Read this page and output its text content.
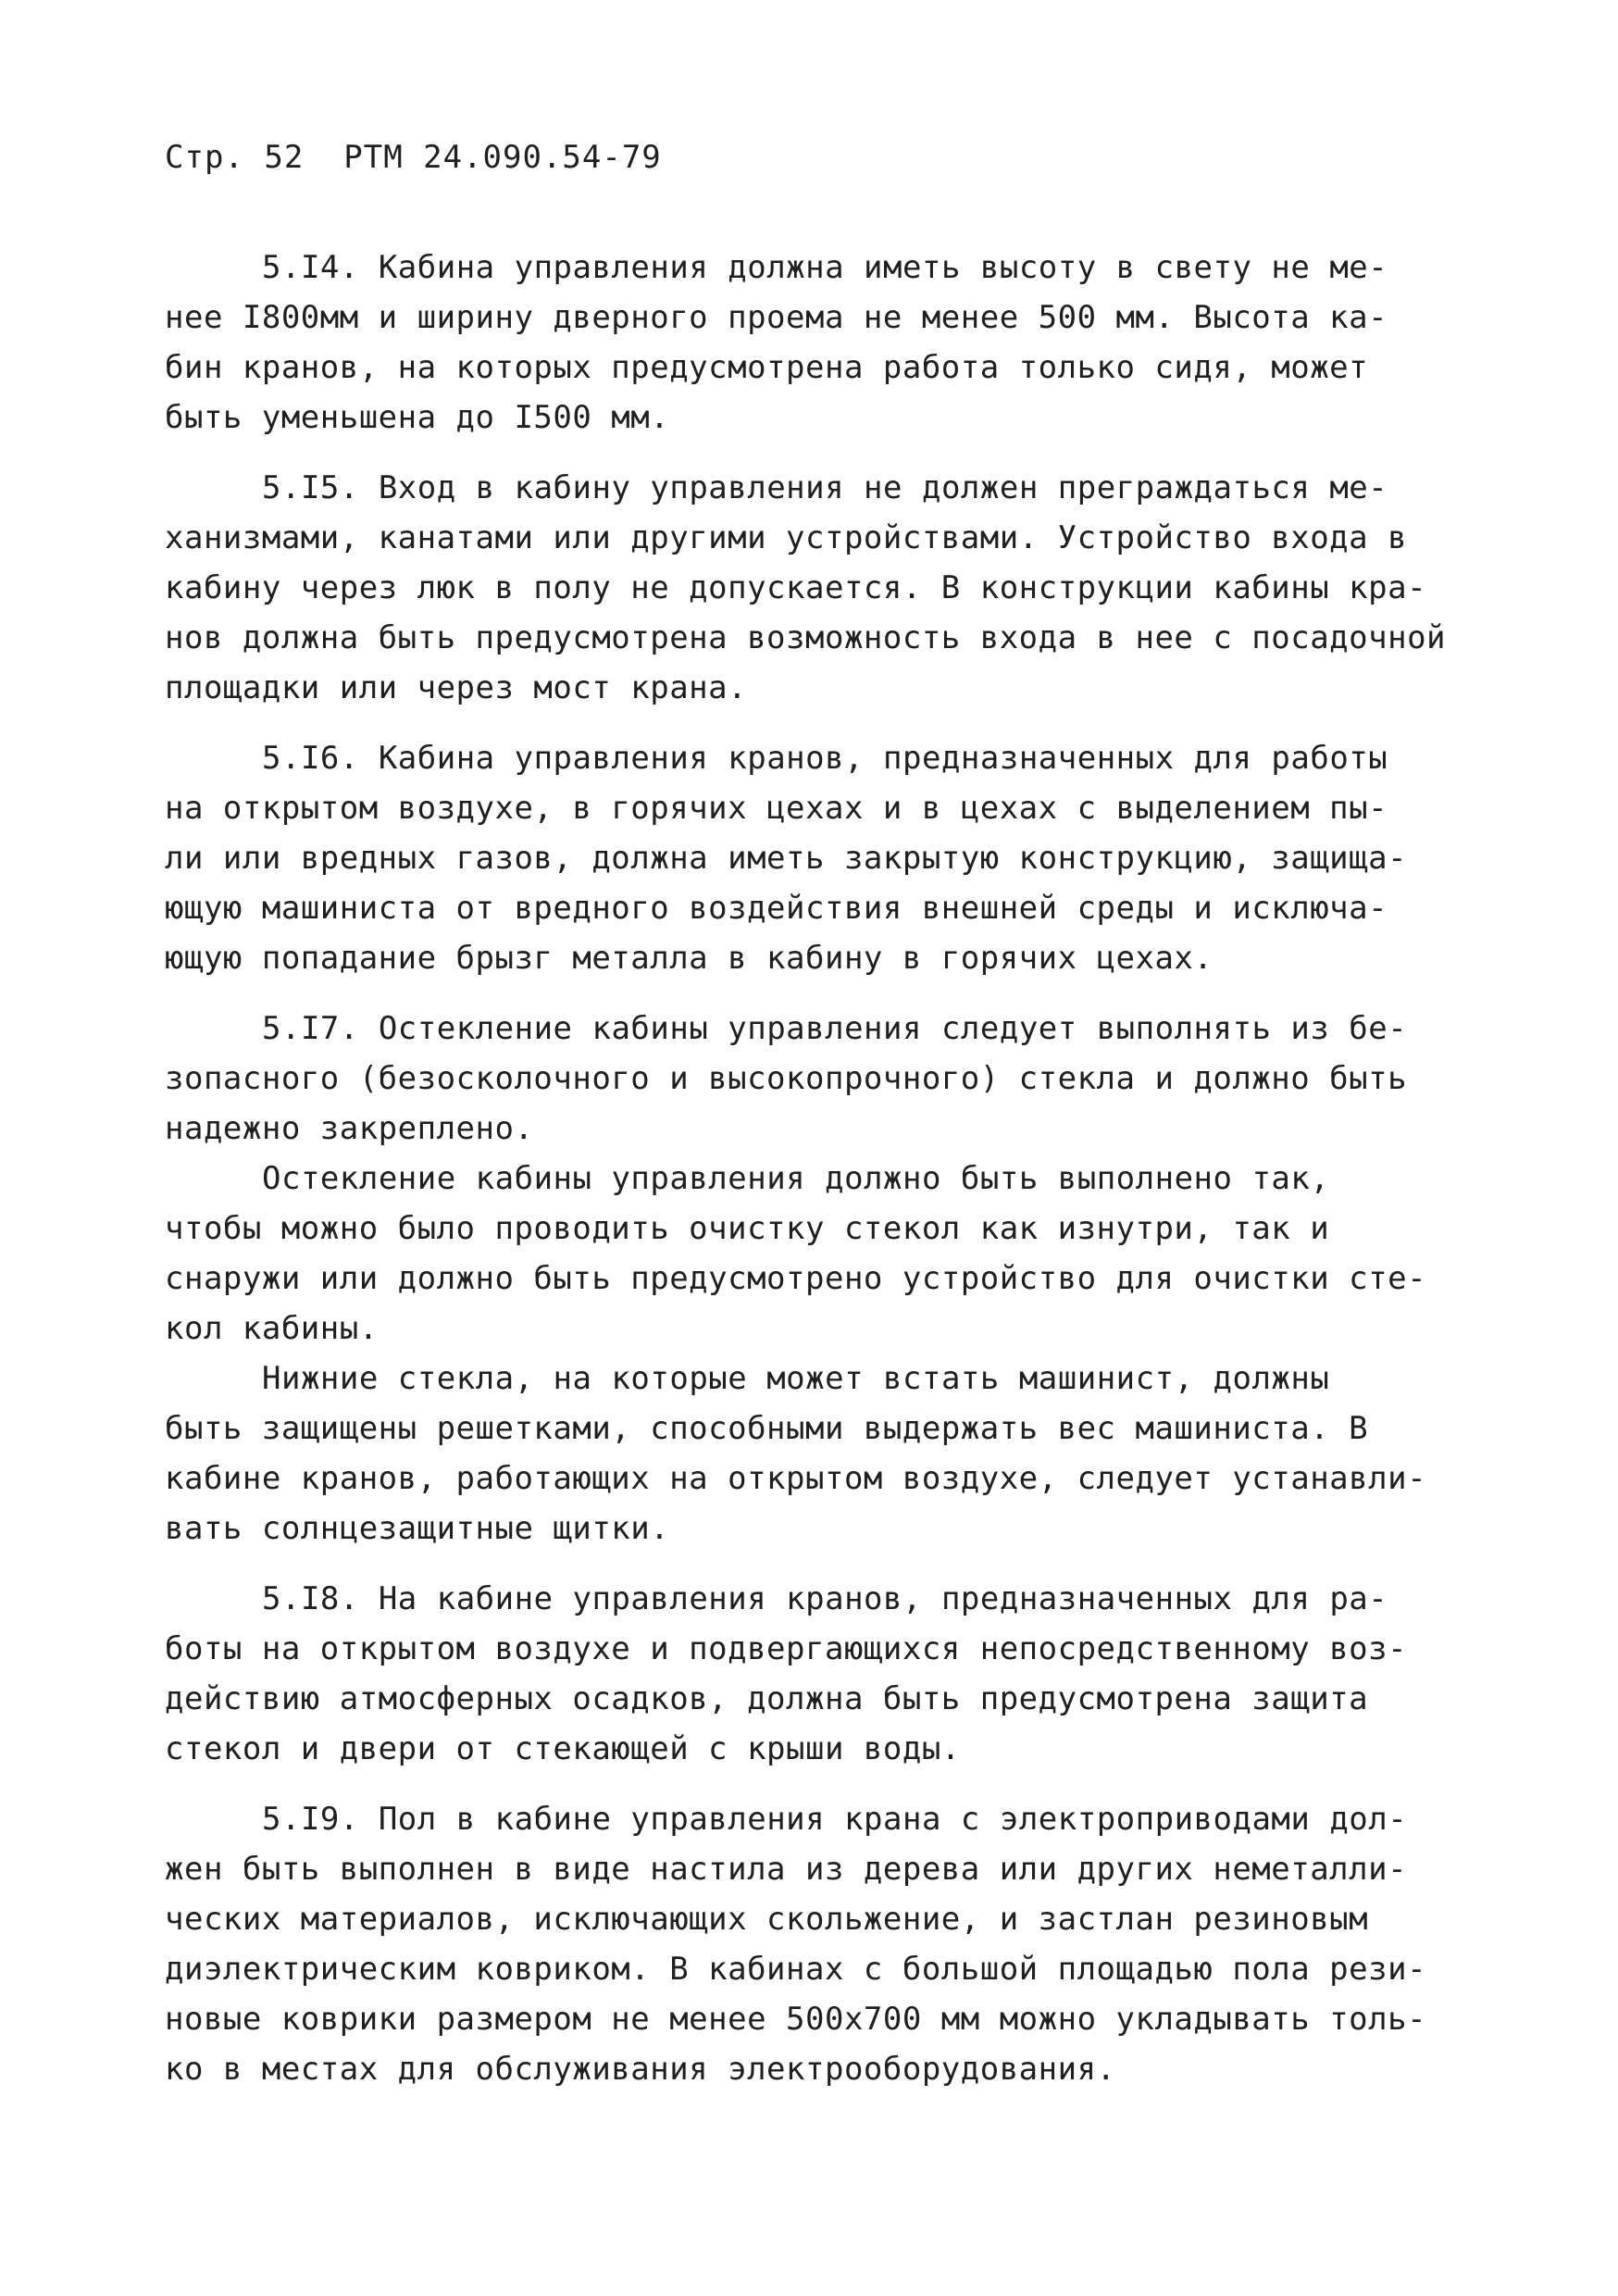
Стр. 52 РТМ 24.090.54-79
5.I4. Кабина управления должна иметь высоту в свету не ме-
нее I800мм и ширину дверного проема не менее 500 мм. Высота ка-
бин кранов, на которых предусмотрена работа только сидя, может
быть уменьшена до I500 мм.
5.I5. Вход в кабину управления не должен преграждаться ме-
ханизмами, канатами или другими устройствами. Устройство входа в
кабину через люк в полу не допускается. В конструкции кабины кра-
нов должна быть предусмотрена возможность входа в нее с посадочной
площадки или через мост крана.
5.I6. Кабина управления кранов, предназначенных для работы
на открытом воздухе, в горячих цехах и в цехах с выделением пы-
ли или вредных газов, должна иметь закрытую конструкцию, защища-
ющую машиниста от вредного воздействия внешней среды и исключа-
ющую попадание брызг металла в кабину в горячих цехах.
5.I7. Остекление кабины управления следует выполнять из бе-
зопасного (безосколочного и высокопрочного) стекла и должно быть
надежно закреплено.
Остекление кабины управления должно быть выполнено так,
чтобы можно было проводить очистку стекол как изнутри, так и
снаружи или должно быть предусмотрено устройство для очистки сте-
кол кабины.
Нижние стекла, на которые может встать машинист, должны
быть защищены решетками, способными выдержать вес машиниста. В
кабине кранов, работающих на открытом воздухе, следует устанавли-
вать солнцезащитные щитки.
5.I8. На кабине управления кранов, предназначенных для ра-
боты на открытом воздухе и подвергающихся непосредственному воз-
действию атмосферных осадков, должна быть предусмотрена защита
стекол и двери от стекающей с крыши воды.
5.I9. Пол в кабине управления крана с электроприводами дол-
жен быть выполнен в виде настила из дерева или других неметалли-
ческих материалов, исключающих скольжение, и застлан резиновым
диэлектрическим ковриком. В кабинах с большой площадью пола рези-
новые коврики размером не менее 500х700 мм можно укладывать толь-
ко в местах для обслуживания электрооборудования.
